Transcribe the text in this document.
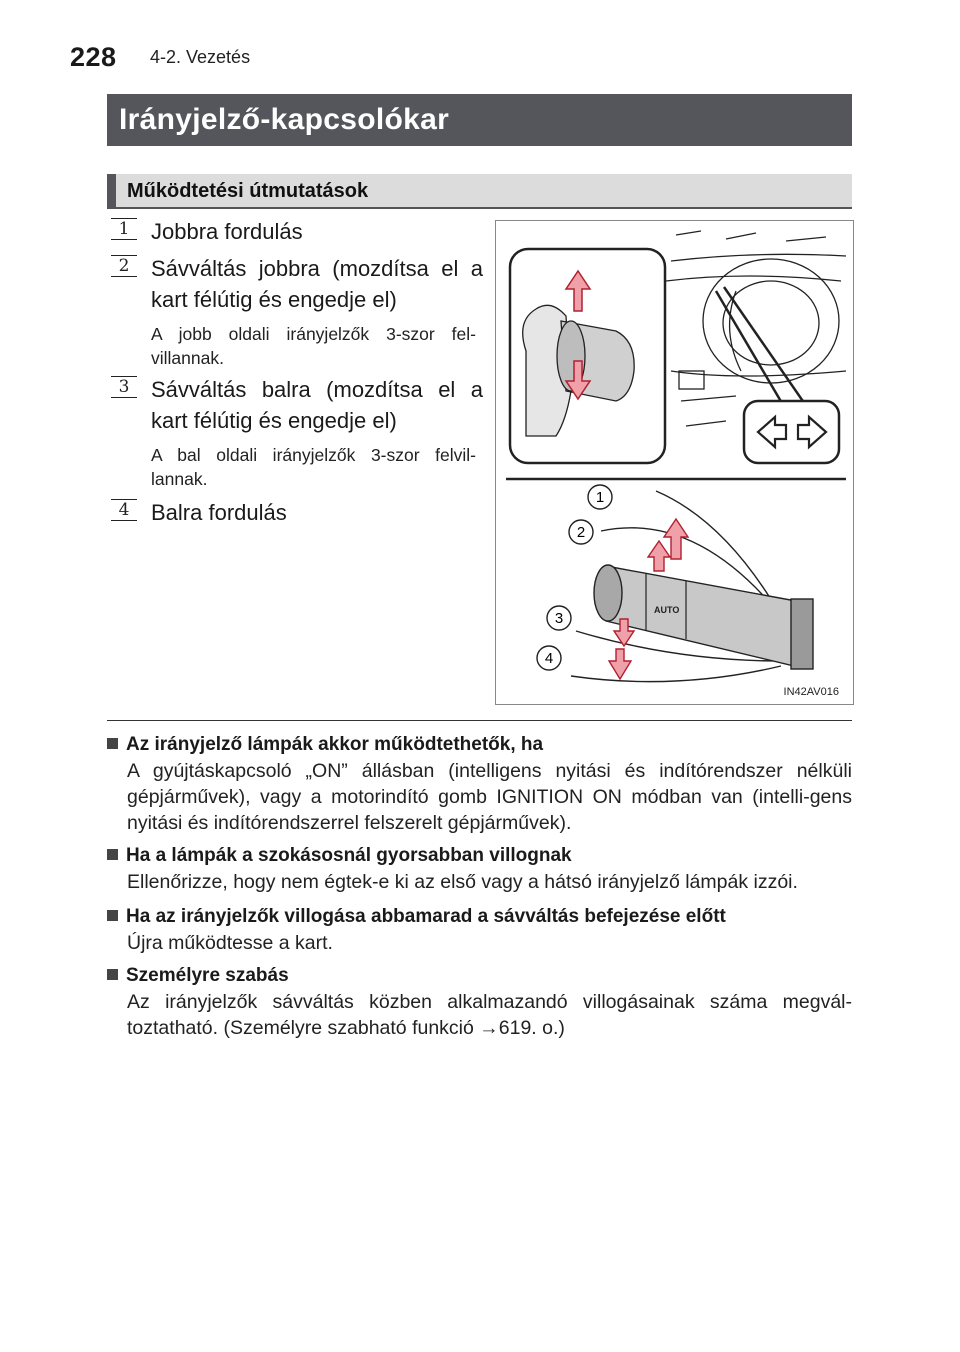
228 4-2. Vezetés
Irányjelző-kapcsolókar
Működtetési útmutatások
1 Jobbra fordulás
2 Sávváltás jobbra (mozdítsa el a kart félútig és engedje el)
A jobb oldali irányjelzők 3-szor fel-villannak.
3 Sávváltás balra (mozdítsa el a kart félútig és engedje el)
A bal oldali irányjelzők 3-szor felvil-lannak.
4 Balra fordulás
AUTO
1
2
3
4
IN42AV016
Az irányjelző lámpák akkor működtethetők, ha
A gyújtáskapcsoló „ON” állásban (intelligens nyitási és indítórendszer nélküli gépjárművek), vagy a motorindító gomb IGNITION ON módban van (intelli-gens nyitási és indítórendszerrel felszerelt gépjárművek).
Ha a lámpák a szokásosnál gyorsabban villognak
Ellenőrizze, hogy nem égtek-e ki az első vagy a hátsó irányjelző lámpák izzói.
Ha az irányjelzők villogása abbamarad a sávváltás befejezése előtt
Újra működtesse a kart.
Személyre szabás
Az irányjelzők sávváltás közben alkalmazandó villogásainak száma megvál-toztatható. (Személyre szabható funkció →619. o.)
